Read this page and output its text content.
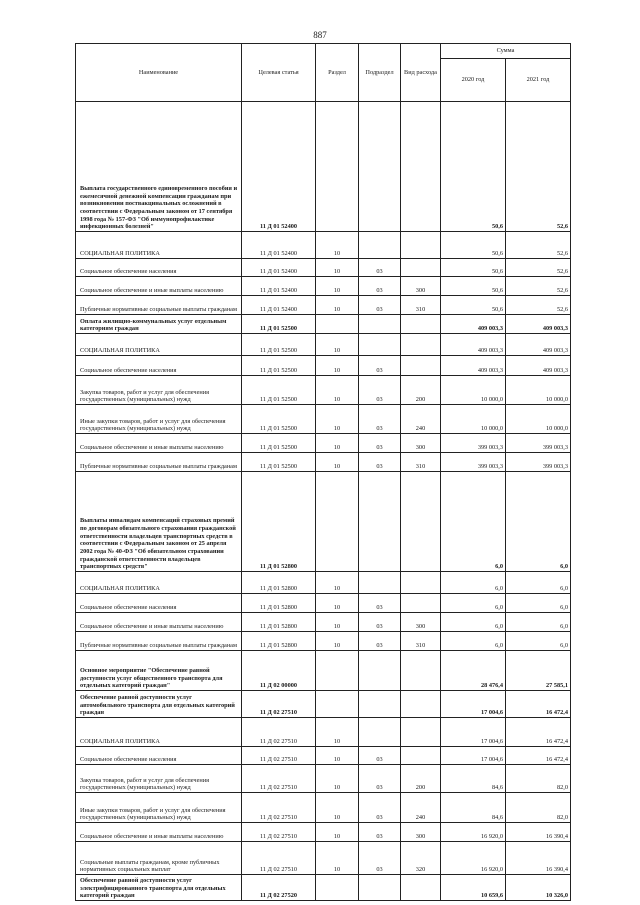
887
Наименование	Целевая статья	Раздел	Подраздел	Вид расхода	Сумма	
					2020 год	2021 год
Выплата государственного единовременного пособия и ежемесячной денежной компенсации гражданам при возникновении поствакцинальных осложнений в соответствии с Федеральным законом от 17 сентября 1998 года № 157-ФЗ "Об иммунопрофилактике инфекционных болезней"	11 Д 01 52400				50,6	52,6
СОЦИАЛЬНАЯ ПОЛИТИКА	11 Д 01 52400	10			50,6	52,6
Социальное обеспечение населения	11 Д 01 52400	10	03		50,6	52,6
Социальное обеспечение и иные выплаты населению	11 Д 01 52400	10	03	300	50,6	52,6
Публичные нормативные социальные выплаты гражданам	11 Д 01 52400	10	03	310	50,6	52,6
Оплата жилищно-коммунальных услуг отдельным категориям граждан	11 Д 01 52500				409 003,3	409 003,3
СОЦИАЛЬНАЯ ПОЛИТИКА	11 Д 01 52500	10			409 003,3	409 003,3
Социальное обеспечение населения	11 Д 01 52500	10	03		409 003,3	409 003,3
Закупка товаров, работ и услуг для обеспечения государственных (муниципальных) нужд	11 Д 01 52500	10	03	200	10 000,0	10 000,0
Иные закупки товаров, работ и услуг для обеспечения государственных (муниципальных) нужд	11 Д 01 52500	10	03	240	10 000,0	10 000,0
Социальное обеспечение и иные выплаты населению	11 Д 01 52500	10	03	300	399 003,3	399 003,3
Публичные нормативные социальные выплаты гражданам	11 Д 01 52500	10	03	310	399 003,3	399 003,3
Выплаты инвалидам компенсаций страховых премий по договорам обязательного страхования гражданской ответственности владельцев транспортных средств в соответствии с Федеральным законом от 25 апреля 2002 года № 40-ФЗ "Об обязательном страховании гражданской ответственности владельцев транспортных средств"	11 Д 01 52800				6,0	6,0
СОЦИАЛЬНАЯ ПОЛИТИКА	11 Д 01 52800	10			6,0	6,0
Социальное обеспечение населения	11 Д 01 52800	10	03		6,0	6,0
Социальное обеспечение и иные выплаты населению	11 Д 01 52800	10	03	300	6,0	6,0
Публичные нормативные социальные выплаты гражданам	11 Д 01 52800	10	03	310	6,0	6,0
Основное мероприятие "Обеспечение равной доступности услуг общественного транспорта для отдельных категорий граждан"	11 Д 02 00000				28 476,4	27 585,1
Обеспечение равной доступности услуг автомобильного транспорта для отдельных категорий граждан	11 Д 02 27510				17 004,6	16 472,4
СОЦИАЛЬНАЯ ПОЛИТИКА	11 Д 02 27510	10			17 004,6	16 472,4
Социальное обеспечение населения	11 Д 02 27510	10	03		17 004,6	16 472,4
Закупка товаров, работ и услуг для обеспечения государственных (муниципальных) нужд	11 Д 02 27510	10	03	200	84,6	82,0
Иные закупки товаров, работ и услуг для обеспечения государственных (муниципальных) нужд	11 Д 02 27510	10	03	240	84,6	82,0
Социальное обеспечение и иные выплаты населению	11 Д 02 27510	10	03	300	16 920,0	16 390,4
Социальные выплаты гражданам, кроме публичных нормативных социальных выплат	11 Д 02 27510	10	03	320	16 920,0	16 390,4
Обеспечение равной доступности услуг электрифицированного транспорта для отдельных категорий граждан	11 Д 02 27520				10 659,6	10 326,0
